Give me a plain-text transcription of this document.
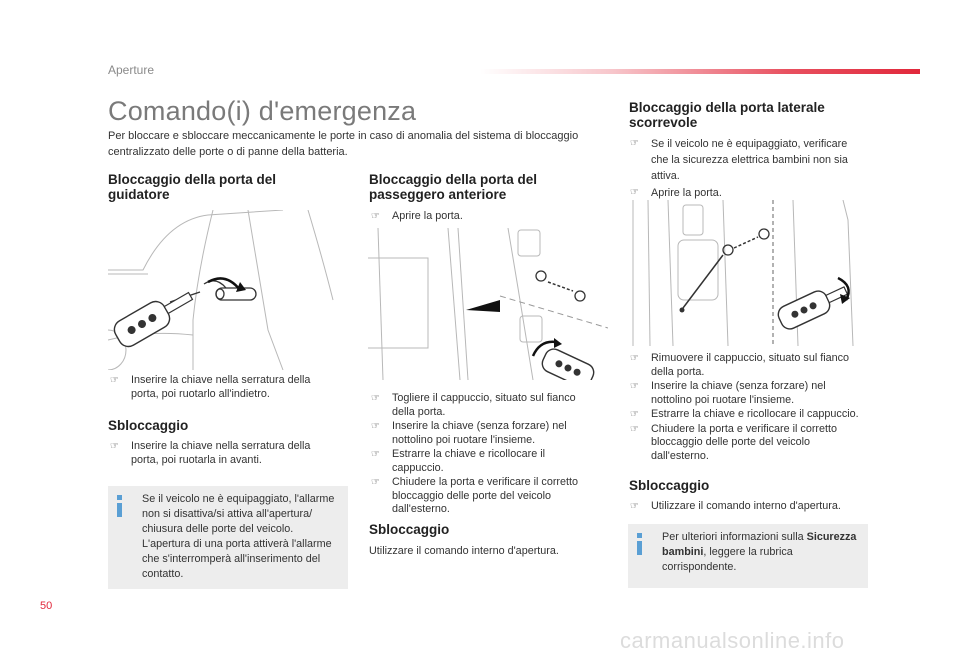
Aperture
Comando(i) d'emergenza
Per bloccare e sbloccare meccanicamente le porte in caso di anomalia del sistema di bloccaggio centralizzato delle porte o di panne della batteria.
Bloccaggio della porta del
guidatore

☞ Inserire la chiave nella serratura della porta, poi ruotarlo all'indietro.

Sbloccaggio

☞ Inserire la chiave nella serratura della porta, poi ruotarla in avanti.

Se il veicolo ne è equipaggiato, l'allarme non si disattiva/si attiva all'apertura/ chiusura delle porte del veicolo. L'apertura di una porta attiverà l'allarme che s'interromperà all'inserimento del contatto.
Bloccaggio della porta del
passeggero anteriore

☞ Aprire la porta.

☞ Togliere il cappuccio, situato sul fianco della porta.

☞ Inserire la chiave (senza forzare) nel nottolino poi ruotare l'insieme.

☞ Estrarre la chiave e ricollocare il cappuccio.

☞ Chiudere la porta e verificare il corretto bloccaggio delle porte del veicolo dall'esterno.

Sbloccaggio
Utilizzare il comando interno d'apertura.
Bloccaggio della porta laterale
scorrevole

☞ Se il veicolo ne è equipaggiato, verificare che la sicurezza elettrica bambini non sia attiva.

☞ Aprire la porta.

☞ Rimuovere il cappuccio, situato sul fianco della porta.

☞ Inserire la chiave (senza forzare) nel nottolino poi ruotare l'insieme.

☞ Estrarre la chiave e ricollocare il cappuccio.

☞ Chiudere la porta e verificare il corretto bloccaggio delle porte del veicolo dall'esterno.

Sbloccaggio

☞ Utilizzare il comando interno d'apertura.

Per ulteriori informazioni sulla Sicurezza bambini, leggere la rubrica corrispondente.
50
carmanualsonline.info
